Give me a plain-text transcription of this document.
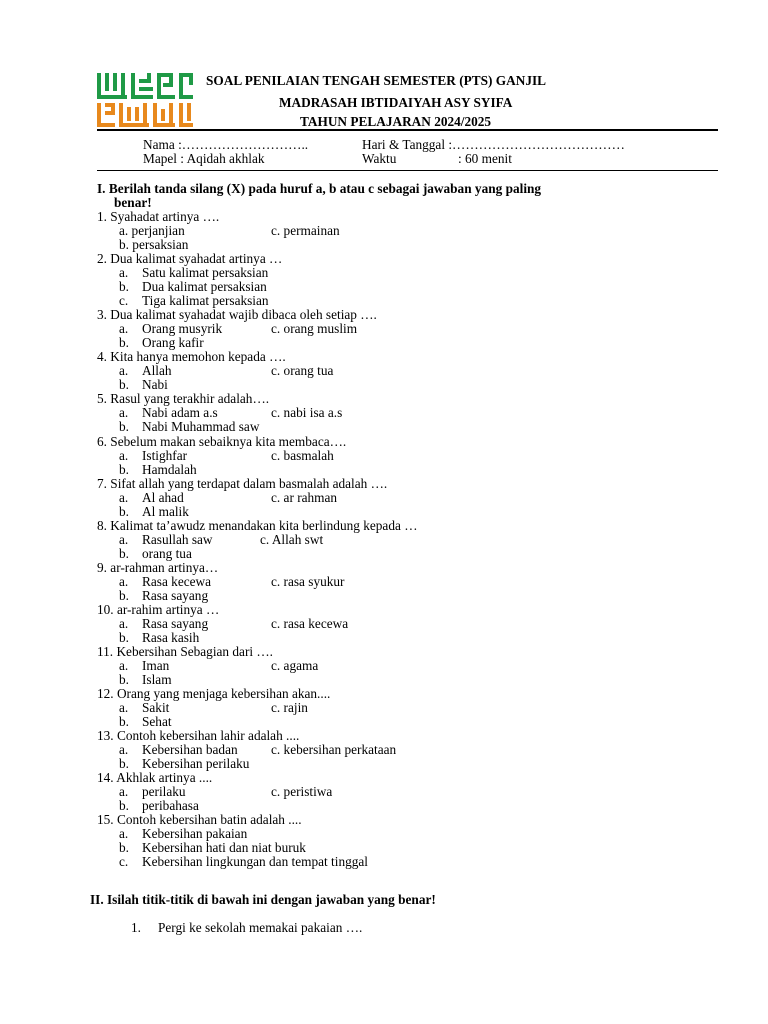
SOAL PENILAIAN TENGAH SEMESTER (PTS) GANJIL
MADRASAH IBTIDAIYAH ASY SYIFA
TAHUN PELAJARAN 2024/2025
Nama :………………………..	Hari & Tanggal :…………………………………
Mapel : Aqidah akhlak	Waktu	: 60 menit
I. Berilah tanda silang (X) pada huruf a, b atau c sebagai jawaban yang paling
benar!
1. Syahadat artinya ….
a. perjanjian	c. permainan
b. persaksian
2. Dua kalimat syahadat artinya …
a. Satu kalimat persaksian
b. Dua kalimat persaksian
c. Tiga kalimat persaksian
3. Dua kalimat syahadat wajib dibaca oleh setiap ….
a. Orang musyrik	c. orang muslim
b. Orang kafir
4. Kita hanya memohon kepada ….
a. Allah	c. orang tua
b. Nabi
5. Rasul yang terakhir adalah….
a. Nabi adam a.s	c. nabi isa a.s
b. Nabi Muhammad saw
6. Sebelum makan sebaiknya kita membaca….
a. Istighfar	c. basmalah
b. Hamdalah
7. Sifat allah yang terdapat dalam basmalah adalah ….
a. Al ahad	c. ar rahman
b. Al malik
8. Kalimat ta’awudz menandakan kita berlindung kepada …
a. Rasullah saw	c. Allah swt
b. orang tua
9. ar-rahman artinya…
a. Rasa kecewa	c. rasa syukur
b. Rasa sayang
10. ar-rahim artinya …
a. Rasa sayang	c. rasa kecewa
b. Rasa kasih
11. Kebersihan Sebagian dari ….
a. Iman	c. agama
b. Islam
12. Orang yang menjaga kebersihan akan....
a. Sakit	c. rajin
b. Sehat
13. Contoh kebersihan lahir adalah ....
a. Kebersihan badan	c. kebersihan perkataan
b. Kebersihan perilaku
14. Akhlak artinya ....
a. perilaku	c. peristiwa
b. peribahasa
15. Contoh kebersihan batin adalah ....
a. Kebersihan pakaian
b. Kebersihan hati dan niat buruk
c. Kebersihan lingkungan dan tempat tinggal
II. Isilah titik-titik di bawah ini dengan jawaban yang benar!
1. Pergi ke sekolah memakai pakaian ….
